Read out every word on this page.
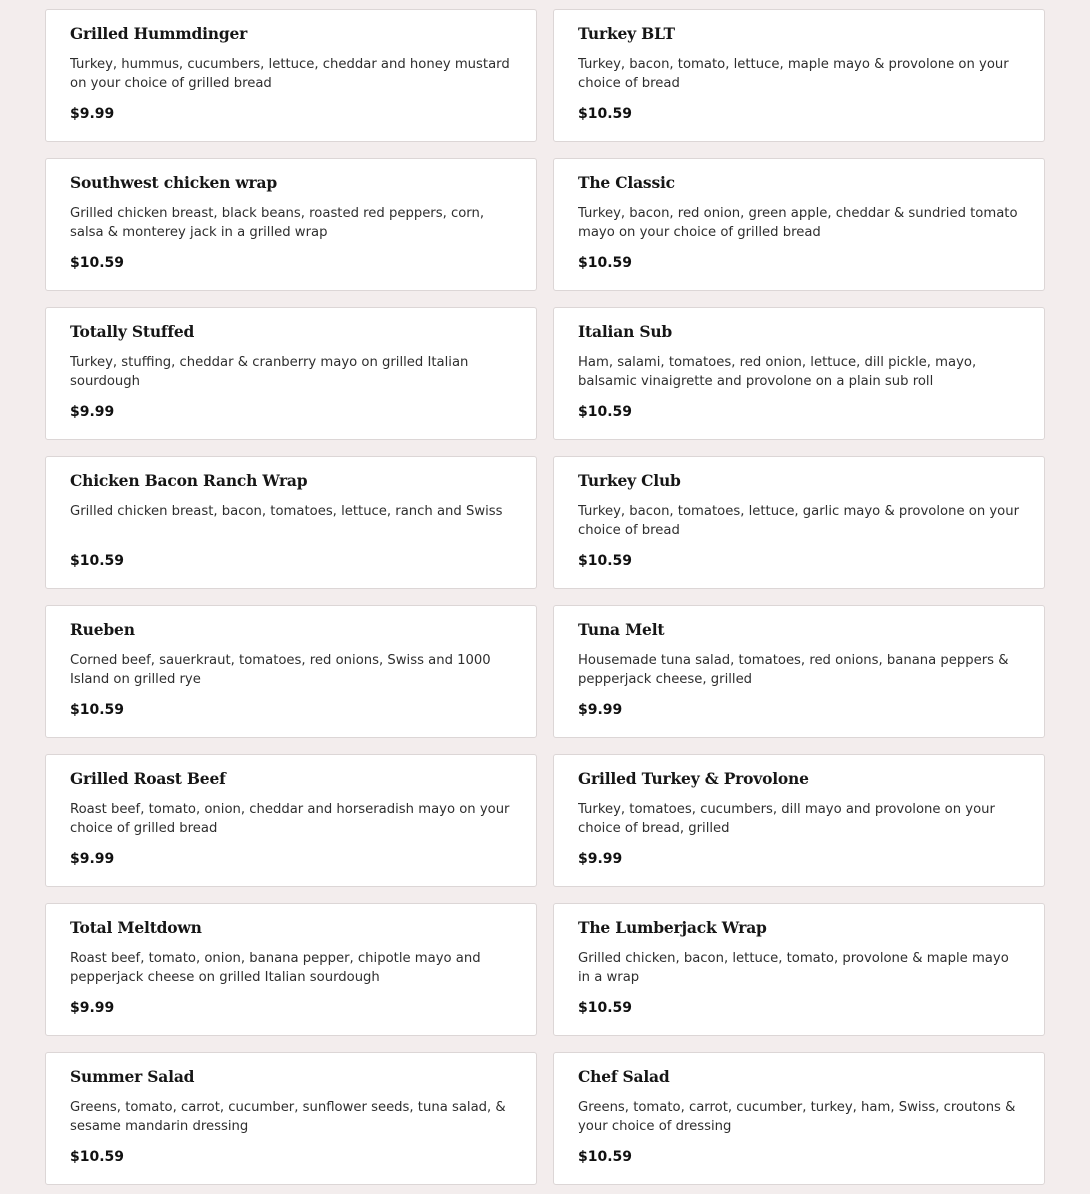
Grilled Hummdinger
Turkey, hummus, cucumbers, lettuce, cheddar and honey mustard on your choice of grilled bread
$9.99
Turkey BLT
Turkey, bacon, tomato, lettuce, maple mayo & provolone on your choice of bread
$10.59
Southwest chicken wrap
Grilled chicken breast, black beans, roasted red peppers, corn, salsa & monterey jack in a grilled wrap
$10.59
The Classic
Turkey, bacon, red onion, green apple, cheddar & sundried tomato mayo on your choice of grilled bread
$10.59
Totally Stuffed
Turkey, stuffing, cheddar & cranberry mayo on grilled Italian sourdough
$9.99
Italian Sub
Ham, salami, tomatoes, red onion, lettuce, dill pickle, mayo, balsamic vinaigrette and provolone on a plain sub roll
$10.59
Chicken Bacon Ranch Wrap
Grilled chicken breast, bacon, tomatoes, lettuce, ranch and Swiss
$10.59
Turkey Club
Turkey, bacon, tomatoes, lettuce, garlic mayo & provolone on your choice of bread
$10.59
Rueben
Corned beef, sauerkraut, tomatoes, red onions, Swiss and 1000 Island on grilled rye
$10.59
Tuna Melt
Housemade tuna salad, tomatoes, red onions, banana peppers & pepperjack cheese, grilled
$9.99
Grilled Roast Beef
Roast beef, tomato, onion, cheddar and horseradish mayo on your choice of grilled bread
$9.99
Grilled Turkey & Provolone
Turkey, tomatoes, cucumbers, dill mayo and provolone on your choice of bread, grilled
$9.99
Total Meltdown
Roast beef, tomato, onion, banana pepper, chipotle mayo and pepperjack cheese on grilled Italian sourdough
$9.99
The Lumberjack Wrap
Grilled chicken, bacon, lettuce, tomato, provolone & maple mayo in a wrap
$10.59
Summer Salad
Greens, tomato, carrot, cucumber, sunflower seeds, tuna salad, & sesame mandarin dressing
$10.59
Chef Salad
Greens, tomato, carrot, cucumber, turkey, ham, Swiss, croutons & your choice of dressing
$10.59
